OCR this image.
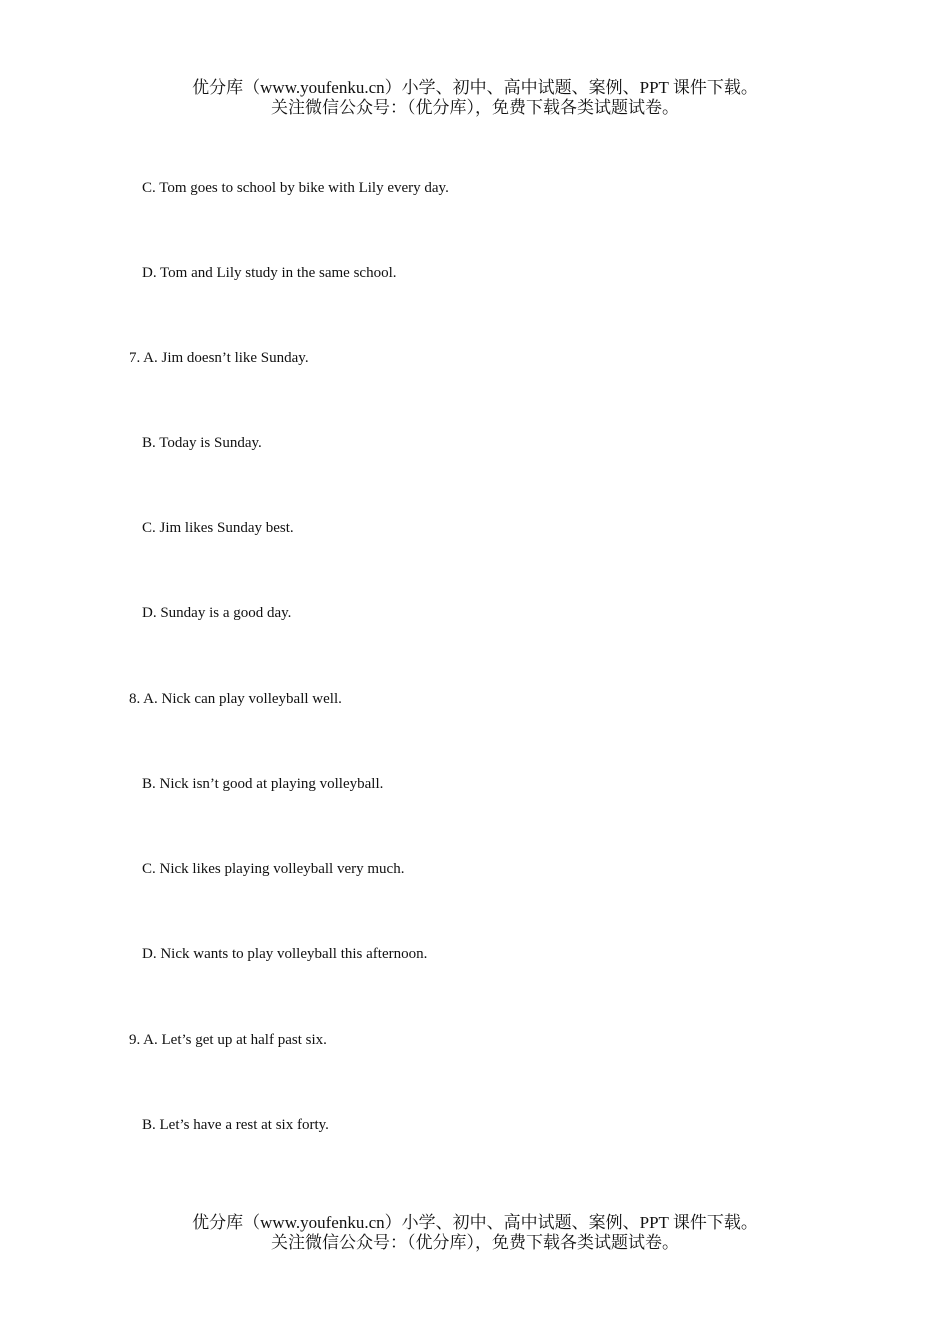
优分库（www.youfenku.cn）小学、初中、高中试题、案例、PPT 课件下载。
关注微信公众号：（优分库），免费下载各类试题试卷。
C. Tom goes to school by bike with Lily every day.
D. Tom and Lily study in the same school.
7. A. Jim doesn’t like Sunday.
B. Today is Sunday.
C. Jim likes Sunday best.
D. Sunday is a good day.
8. A. Nick can play volleyball well.
B. Nick isn’t good at playing volleyball.
C. Nick likes playing volleyball very much.
D. Nick wants to play volleyball this afternoon.
9. A. Let’s get up at half past six.
B. Let’s have a rest at six forty.
优分库（www.youfenku.cn）小学、初中、高中试题、案例、PPT 课件下载。
关注微信公众号：（优分库），免费下载各类试题试卷。
